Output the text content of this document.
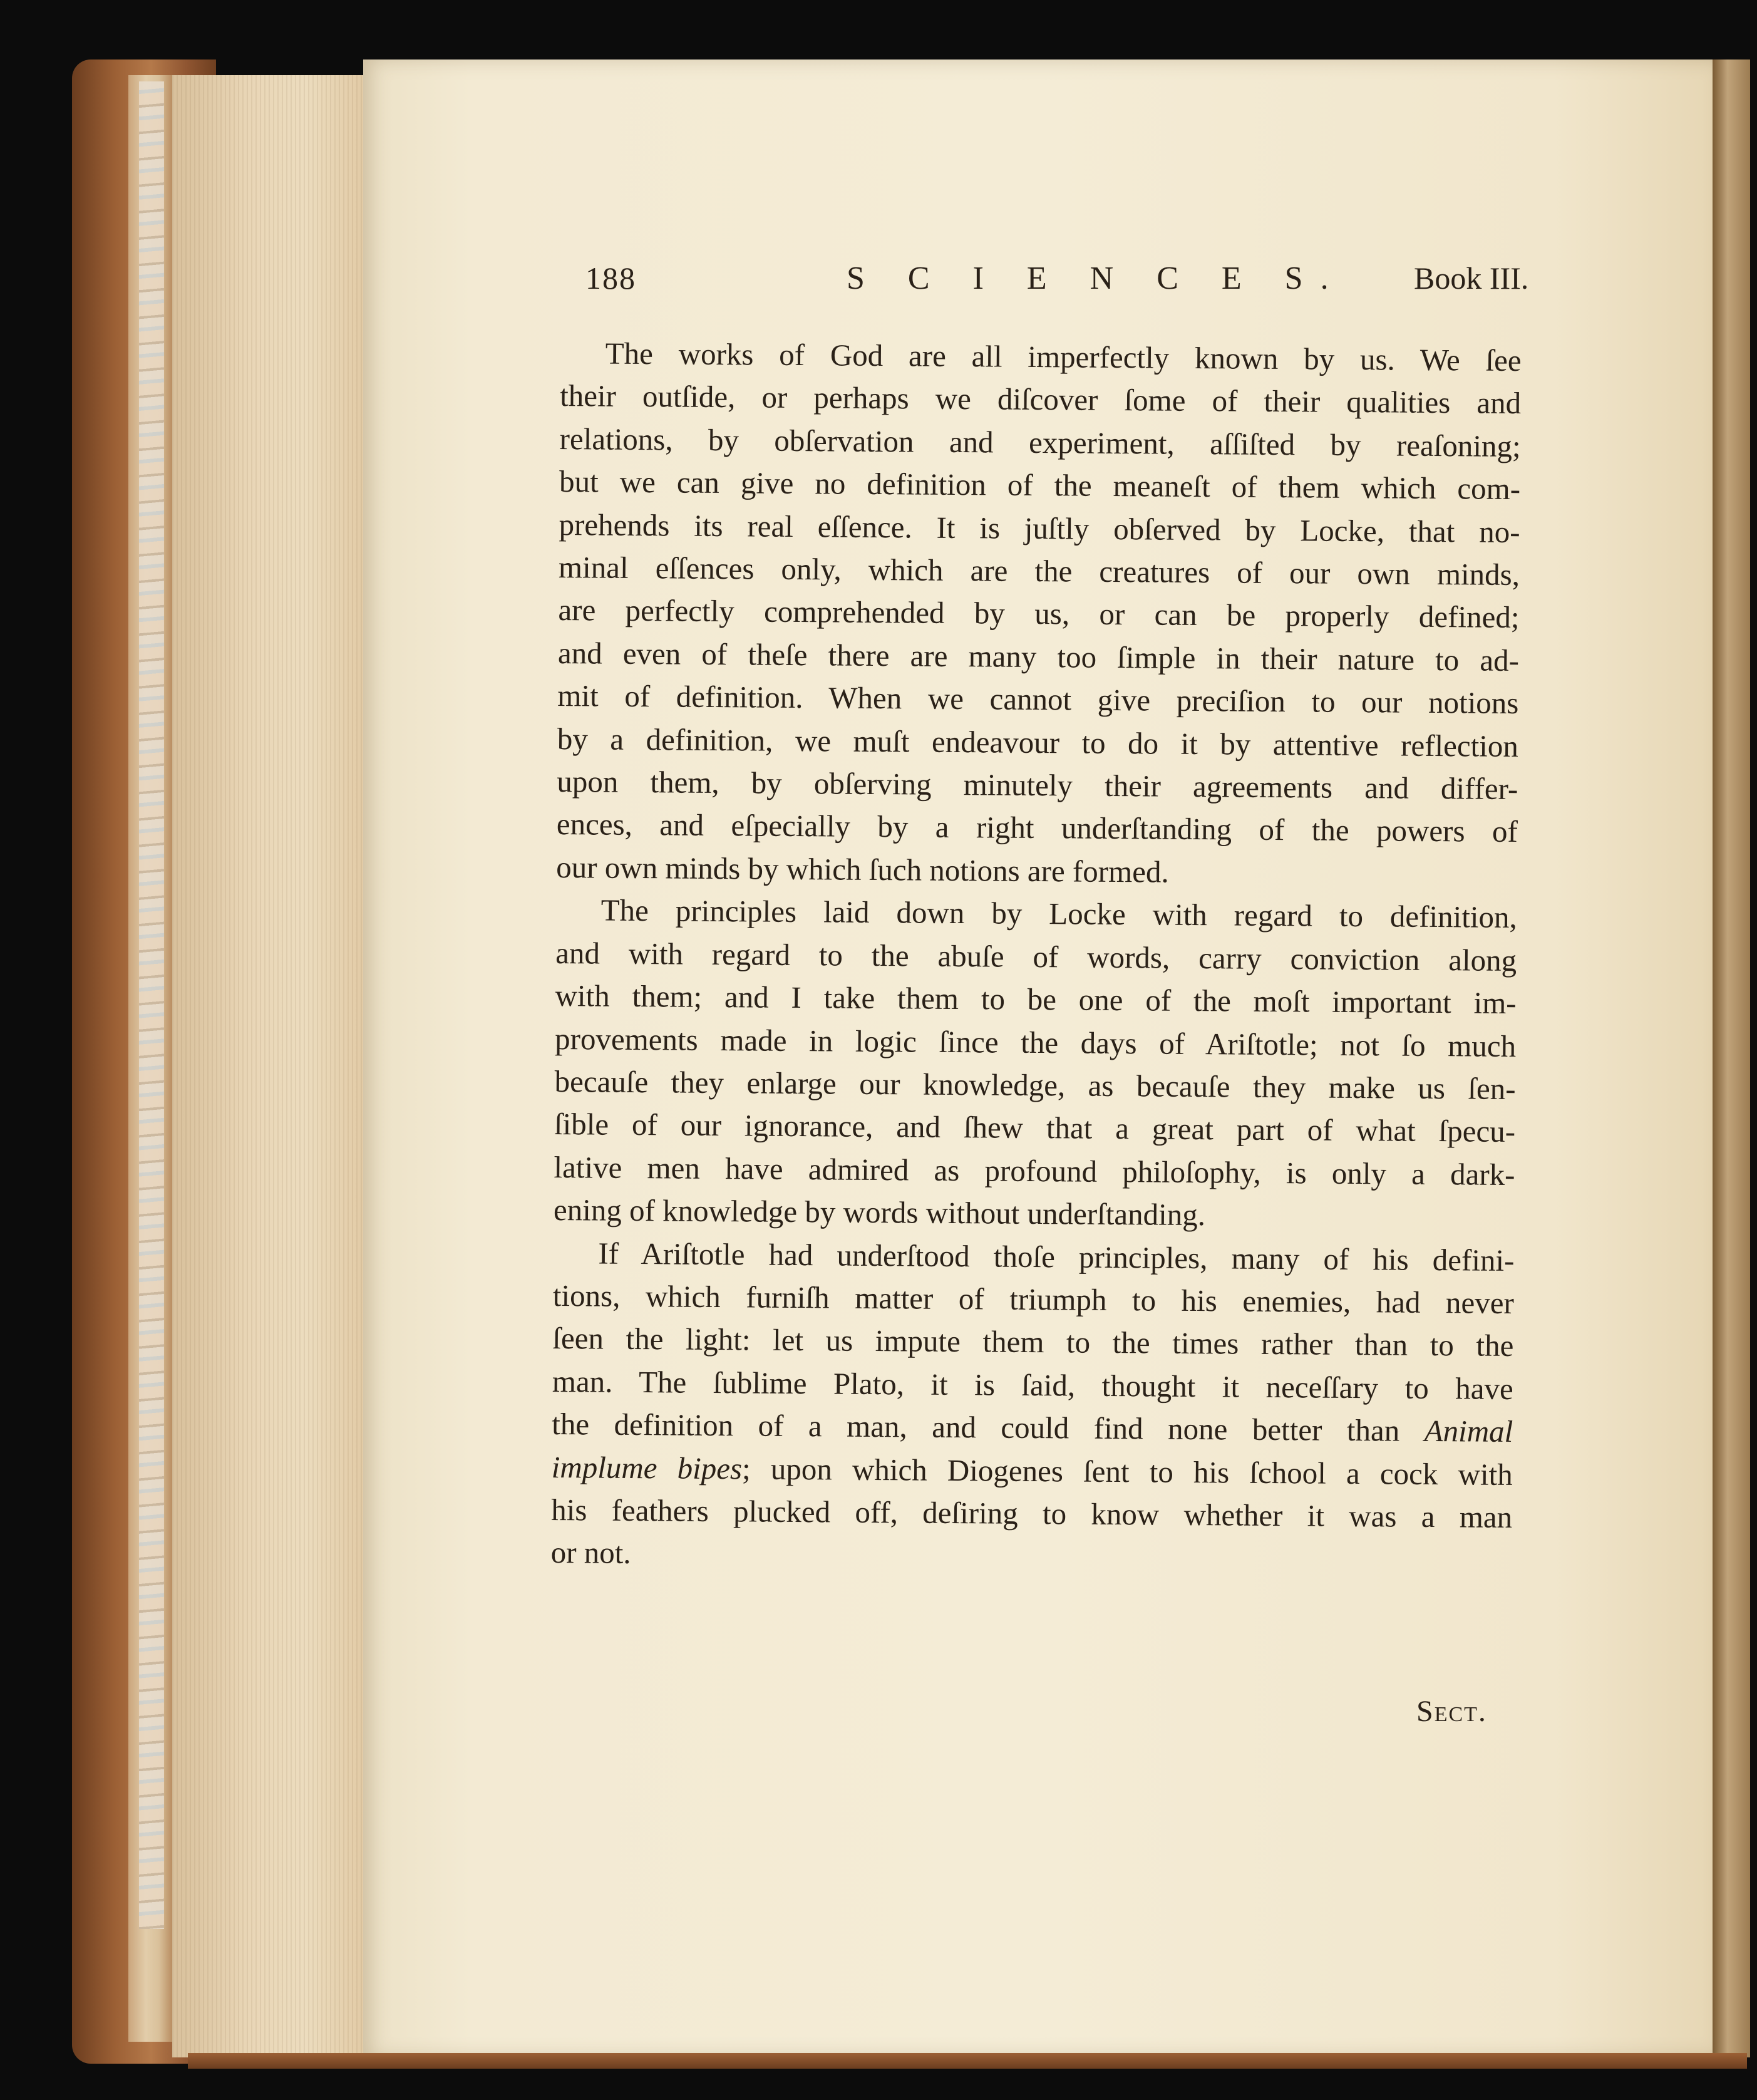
188	S C I E N C E S. Book III.
The works of God are all imperfectly known by us. We ſee
their outſide, or perhaps we diſcover ſome of their qualities and
relations, by obſervation and experiment, aſſiſted by reaſoning;
but we can give no definition of the meaneſt of them which com-
prehends its real eſſence. It is juſtly obſerved by Locke, that no-
minal eſſences only, which are the creatures of our own minds,
are perfectly comprehended by us, or can be properly defined;
and even of theſe there are many too ſimple in their nature to ad-
mit of definition. When we cannot give preciſion to our notions
by a definition, we muſt endeavour to do it by attentive reflection
upon them, by obſerving minutely their agreements and differ-
ences, and eſpecially by a right underſtanding of the powers of
our own minds by which ſuch notions are formed.
The principles laid down by Locke with regard to definition,
and with regard to the abuſe of words, carry conviction along
with them; and I take them to be one of the moſt important im-
provements made in logic ſince the days of Ariſtotle; not ſo much
becauſe they enlarge our knowledge, as becauſe they make us ſen-
ſible of our ignorance, and ſhew that a great part of what ſpecu-
lative men have admired as profound philoſophy, is only a dark-
ening of knowledge by words without underſtanding.
If Ariſtotle had underſtood thoſe principles, many of his defini-
tions, which furniſh matter of triumph to his enemies, had never
ſeen the light: let us impute them to the times rather than to the
man. The ſublime Plato, it is ſaid, thought it neceſſary to have
the definition of a man, and could find none better than Animal
implume bipes; upon which Diogenes ſent to his ſchool a cock with
his feathers plucked off, deſiring to know whether it was a man
or not.
Sect.
